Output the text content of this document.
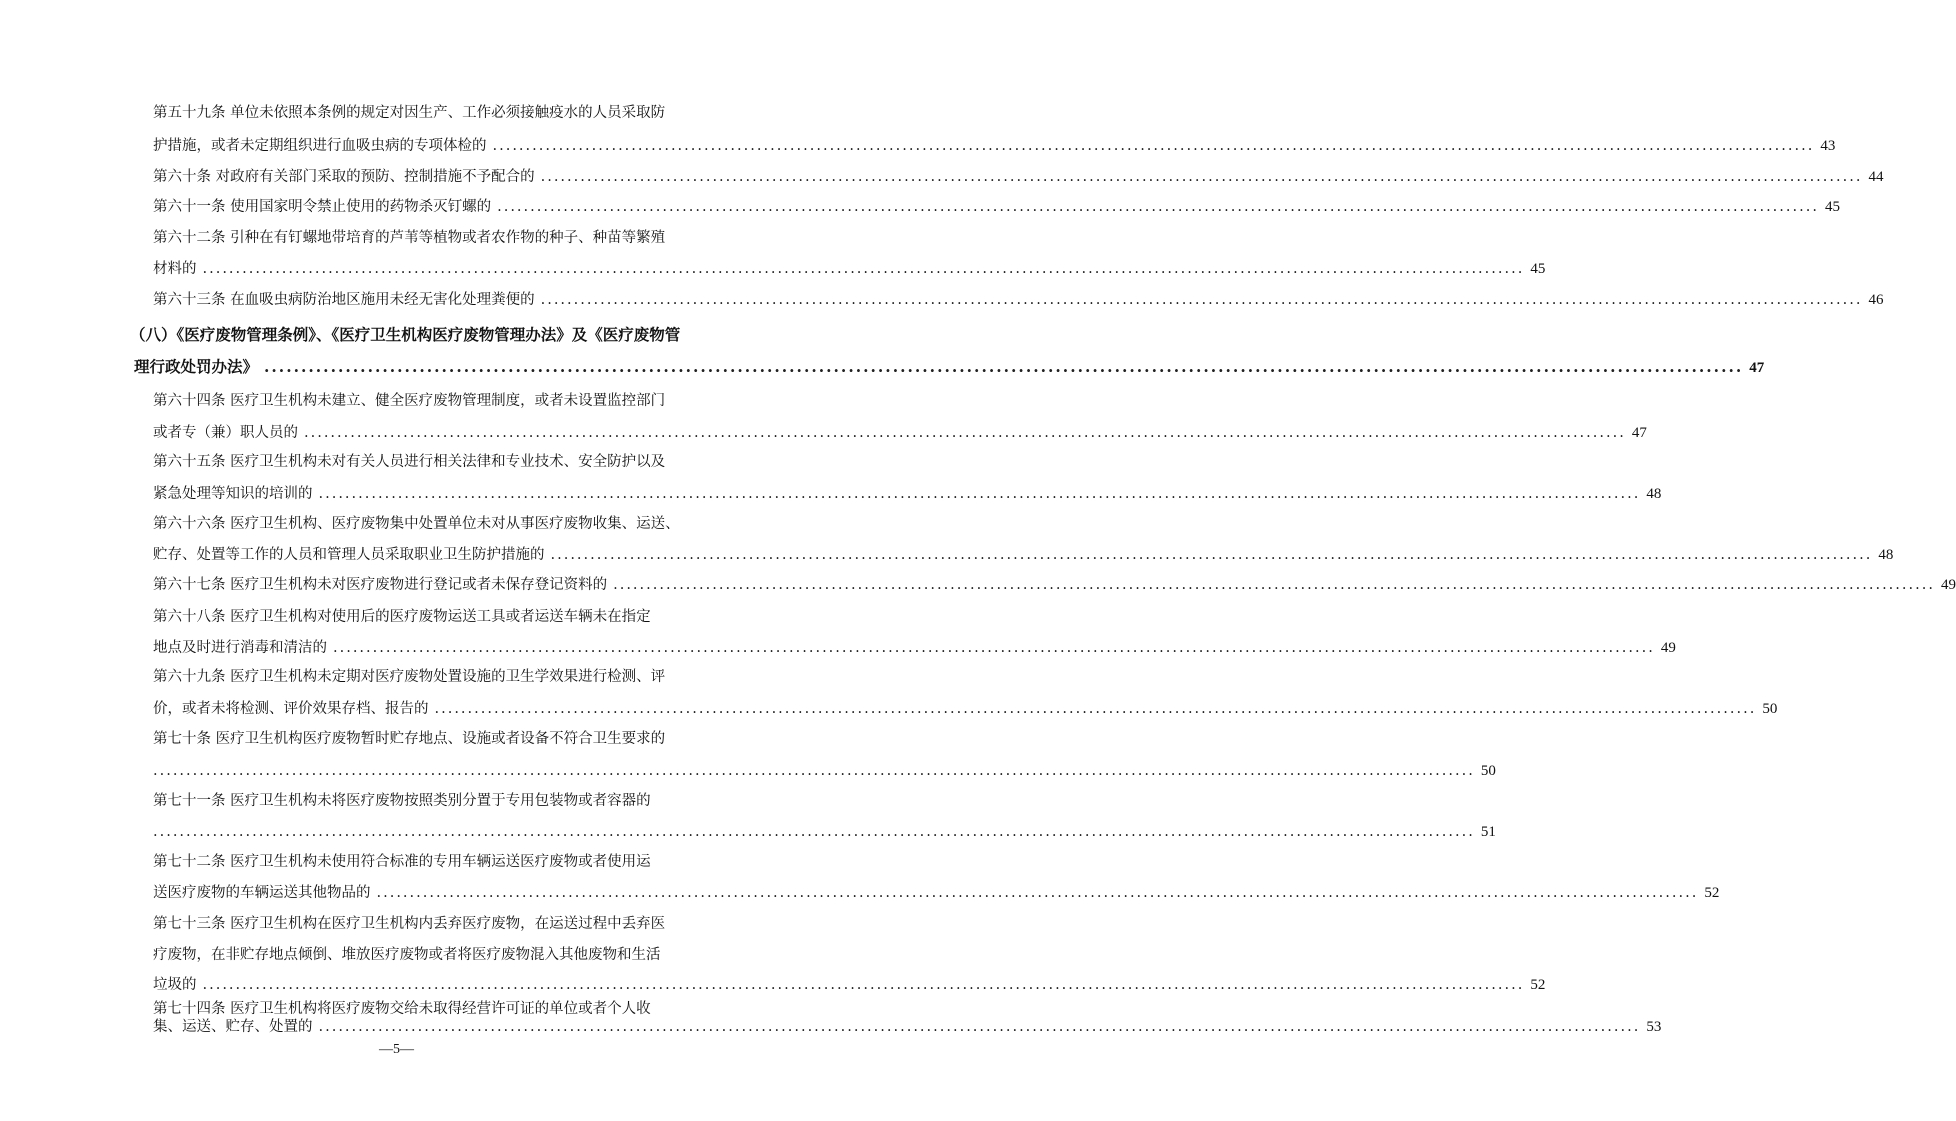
第五十九条 单位未依照本条例的规定对因生产、工作必须接触疫水的人员采取防
护措施，或者未定期组织进行血吸虫病的专项体检的 ........................................................................................................................................................................................................ 43
第六十条 对政府有关部门采取的预防、控制措施不予配合的 ........................................................................................................................................................................................................ 44
第六十一条 使用国家明令禁止使用的药物杀灭钉螺的 ........................................................................................................................................................................................................ 45
第六十二条 引种在有钉螺地带培育的芦苇等植物或者农作物的种子、种苗等繁殖
材料的 ........................................................................................................................................................................................................ 45
第六十三条 在血吸虫病防治地区施用未经无害化处理粪便的 ........................................................................................................................................................................................................ 46
（八）《医疗废物管理条例》、《医疗卫生机构医疗废物管理办法》及《医疗废物管
理行政处罚办法》 ........................................................................................................................................................................................................ 47
第六十四条 医疗卫生机构未建立、健全医疗废物管理制度，或者未设置监控部门
或者专（兼）职人员的 ........................................................................................................................................................................................................ 47
第六十五条 医疗卫生机构未对有关人员进行相关法律和专业技术、安全防护以及
紧急处理等知识的培训的 ........................................................................................................................................................................................................ 48
第六十六条 医疗卫生机构、医疗废物集中处置单位未对从事医疗废物收集、运送、
贮存、处置等工作的人员和管理人员采取职业卫生防护措施的 ........................................................................................................................................................................................................ 48
第六十七条 医疗卫生机构未对医疗废物进行登记或者未保存登记资料的 ........................................................................................................................................................................................................ 49
第六十八条 医疗卫生机构对使用后的医疗废物运送工具或者运送车辆未在指定
地点及时进行消毒和清洁的 ........................................................................................................................................................................................................ 49
第六十九条 医疗卫生机构未定期对医疗废物处置设施的卫生学效果进行检测、评
价，或者未将检测、评价效果存档、报告的 ........................................................................................................................................................................................................ 50
第七十条 医疗卫生机构医疗废物暂时贮存地点、设施或者设备不符合卫生要求的
........................................................................................................................................................................................................ 50
第七十一条 医疗卫生机构未将医疗废物按照类别分置于专用包装物或者容器的
........................................................................................................................................................................................................ 51
第七十二条 医疗卫生机构未使用符合标准的专用车辆运送医疗废物或者使用运
送医疗废物的车辆运送其他物品的 ........................................................................................................................................................................................................ 52
第七十三条 医疗卫生机构在医疗卫生机构内丢弃医疗废物，在运送过程中丢弃医
疗废物，在非贮存地点倾倒、堆放医疗废物或者将医疗废物混入其他废物和生活
垃圾的 ........................................................................................................................................................................................................ 52
第七十四条 医疗卫生机构将医疗废物交给未取得经营许可证的单位或者个人收
—5—
集、运送、贮存、处置的 ........................................................................................................................................................................................................ 53
